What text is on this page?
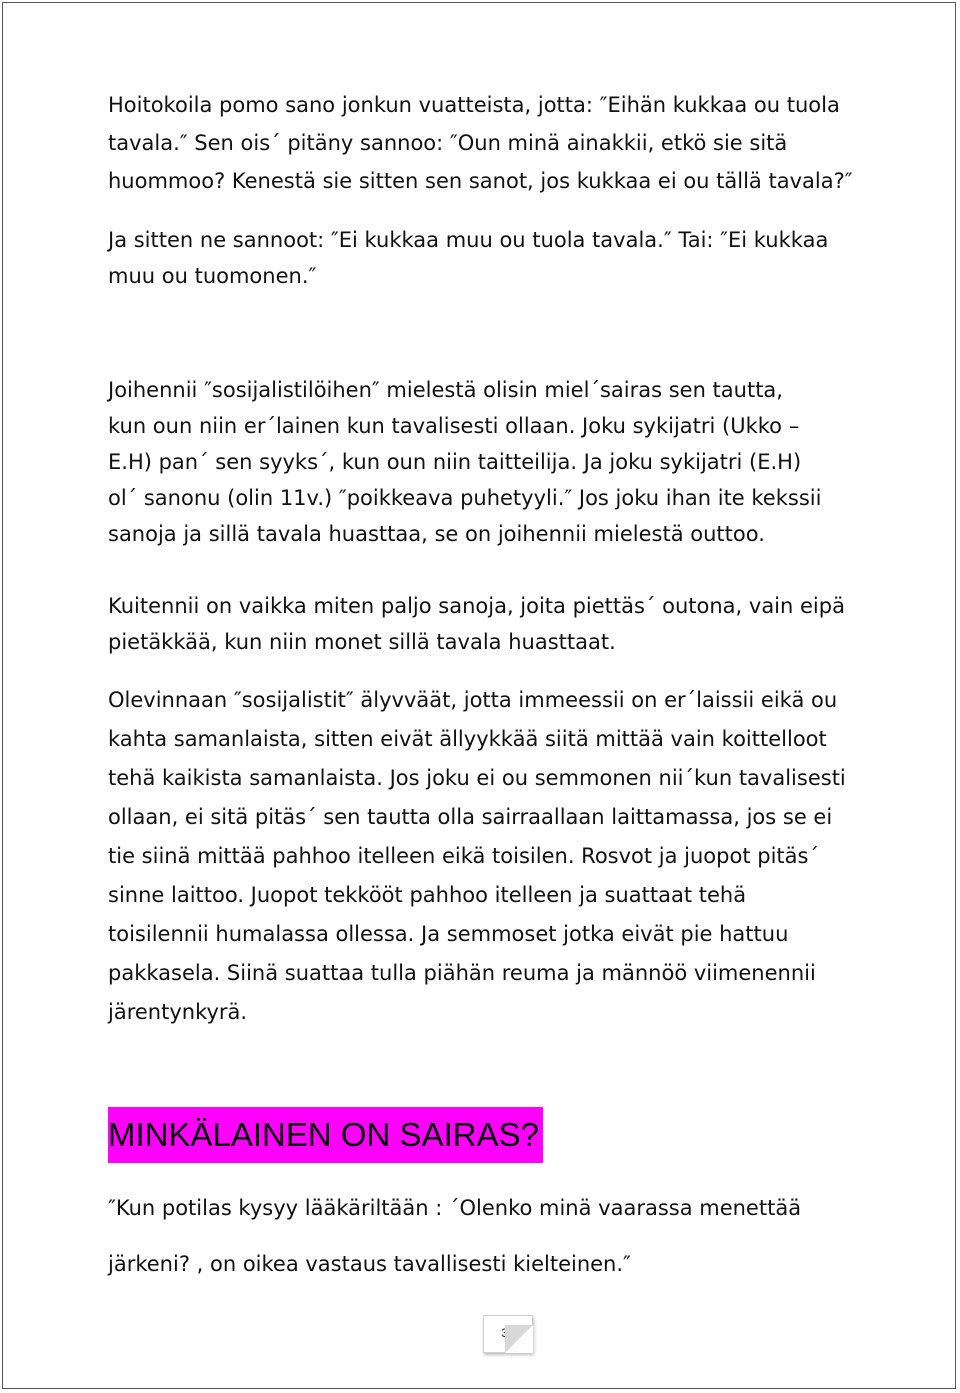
Hoitokoila pomo sano jonkun vuatteista, jotta: ″Eihän kukkaa ou tuola
tavala.″ Sen ois´ pitäny sannoo: ″Oun minä ainakkii, etkö sie sitä
huommoo? Kenestä sie sitten sen sanot, jos kukkaa ei ou tällä tavala?″
Ja sitten ne sannoot: ″Ei kukkaa muu ou tuola tavala.″ Tai: ″Ei kukkaa
muu ou tuomonen.″
Joihennii ″sosijalistilöihen″ mielestä olisin miel´sairas sen tautta,
kun oun niin er´lainen kun tavalisesti ollaan. Joku sykijatri (Ukko –
E.H) pan´ sen syyks´, kun oun niin taitteilija. Ja joku sykijatri (E.H)
ol´ sanonu (olin 11v.) ″poikkeava puhetyyli.″ Jos joku ihan ite kekssii
sanoja ja sillä tavala huasttaa, se on joihennii mielestä outtoo.
Kuitennii on vaikka miten paljo sanoja, joita piettäs´ outona, vain eipä
pietäkkää, kun niin monet sillä tavala huasttaat.
Olevinnaan ″sosijalistit″ älyvväät, jotta immeessii on er´laissii eikä ou
kahta samanlaista, sitten eivät ällyykkää siitä mittää vain koittelloot
tehä kaikista samanlaista. Jos joku ei ou semmonen nii´kun tavalisesti
ollaan, ei sitä pitäs´ sen tautta olla sairraallaan laittamassa, jos se ei
tie siinä mittää pahhoo itelleen eikä toisilen. Rosvot ja juopot pitäs´
sinne laittoo. Juopot tekkööt pahhoo itelleen ja suattaat tehä
toisilennii humalassa ollessa. Ja semmoset jotka eivät pie hattuu
pakkasela. Siinä suattaa tulla piähän reuma ja männöö viimenennii
järentynkyrä.
MINKÄLAINEN ON SAIRAS?
″Kun potilas kysyy lääkäriltään : ´Olenko minä vaarassa menettää
järkeni? , on oikea vastaus tavallisesti kielteinen.″
34
